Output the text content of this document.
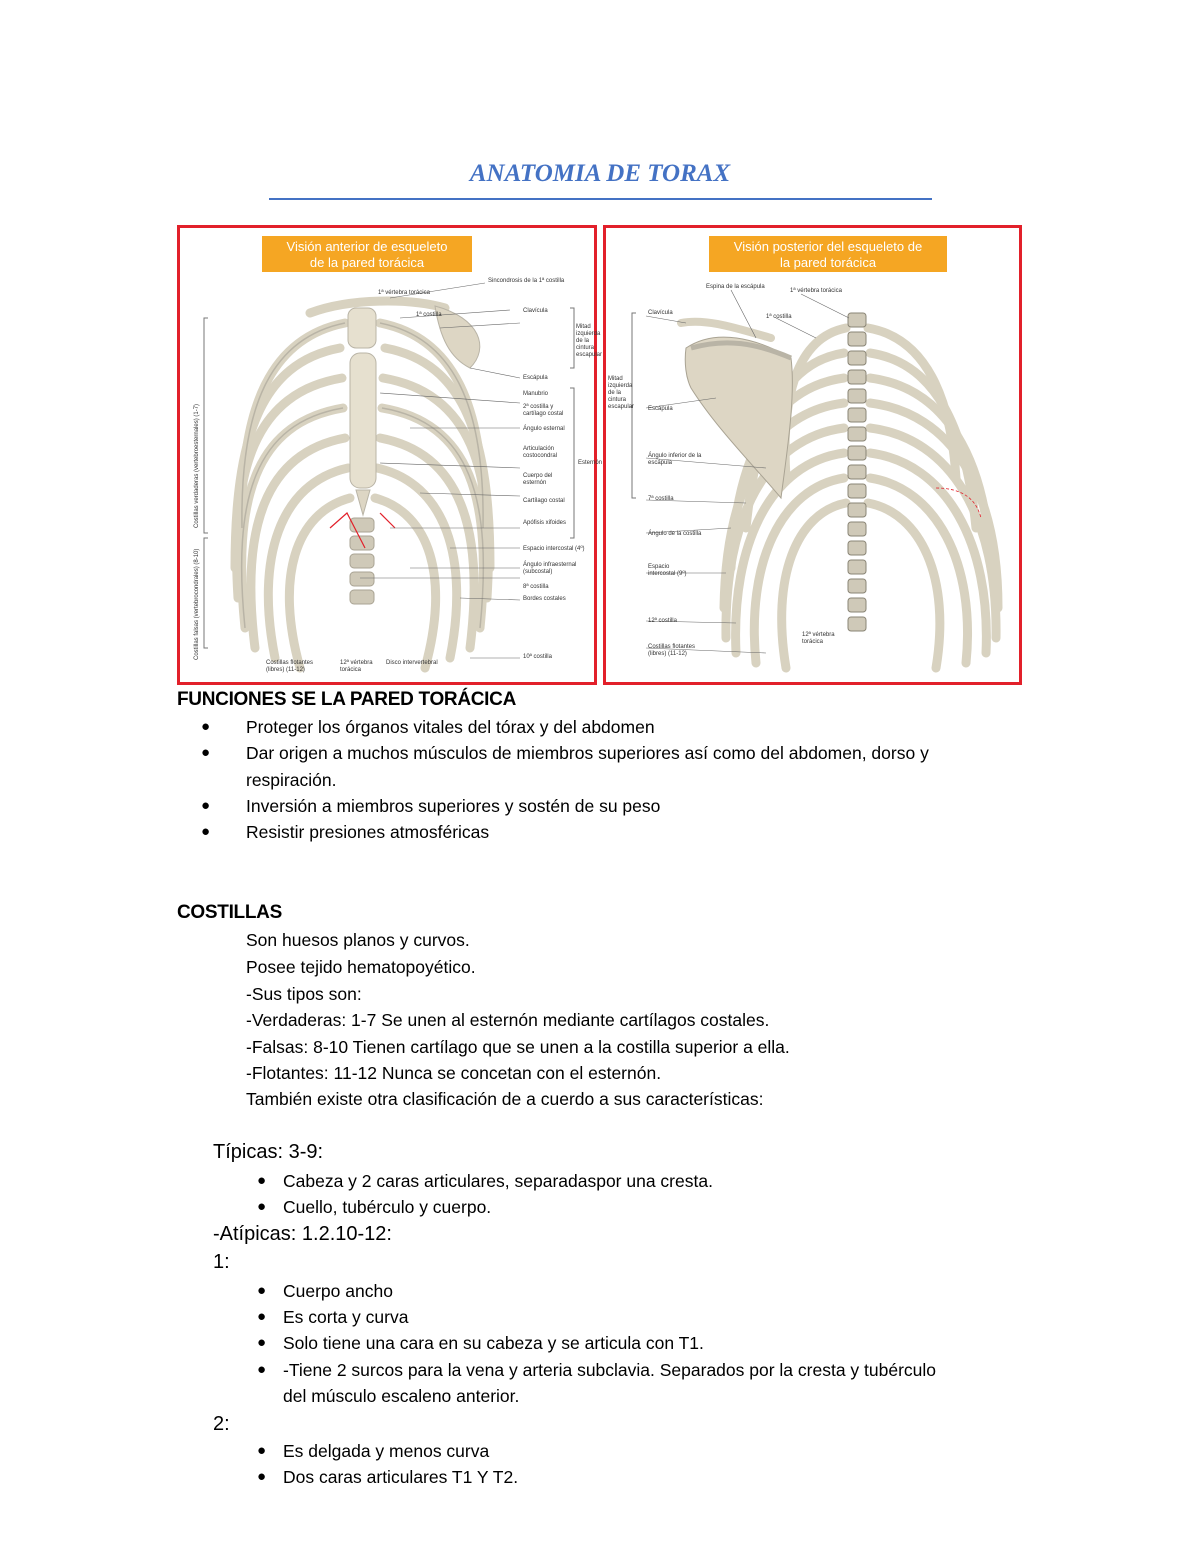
ANATOMIA DE TORAX
Visión anterior de esqueleto
de la pared torácica
1ª vértebra torácica
Sincondrosis de la 1ª costilla
1ª costilla
Clavícula
Escápula
Manubrio
2ª costilla y cartílago costal
Ángulo esternal
Articulación costocondral
Cuerpo del esternón
Cartílago costal
Apófisis xifoides
Espacio intercostal (4º)
Ángulo infraesternal (subcostal)
8ª costilla
Bordes costales
10ª costilla
Costillas flotantes (libres) (11-12)
12ª vértebra torácica
Disco intervertebral
Mitad izquierda de la cintura escapular
Esternón
Costillas verdaderas (vertebroesternales) (1-7)
Costillas falsas (vertebrocondrales) (8-10)
Visión posterior del esqueleto de
la pared torácica
Espina de la escápula
1ª vértebra torácica
Clavícula
1ª costilla
Escápula
Mitad izquierda de la cintura escapular
Ángulo inferior de la escápula
7ª costilla
Ángulo de la costilla
Espacio intercostal (9º)
12ª costilla
12ª vértebra torácica
Costillas flotantes (libres) (11-12)
FUNCIONES SE LA PARED TORÁCICA
● Proteger los órganos vitales del tórax y del abdomen
● Dar origen a muchos músculos de miembros superiores así como del abdomen, dorso y
respiración.
● Inversión a miembros superiores y sostén de su peso
● Resistir presiones atmosféricas
COSTILLAS
Son huesos planos y curvos.
Posee tejido hematopoyético.
-Sus tipos son:
-Verdaderas: 1-7 Se unen al esternón mediante cartílagos costales.
-Falsas: 8-10 Tienen cartílago que se unen a la costilla superior a ella.
-Flotantes: 11-12 Nunca se concetan con el esternón.
También existe otra clasificación de a cuerdo a sus características:
Típicas: 3-9:
● Cabeza y 2 caras articulares, separadaspor una cresta.
● Cuello, tubérculo y cuerpo.
-Atípicas: 1.2.10-12:
1:
● Cuerpo ancho
● Es corta y curva
● Solo tiene una cara en su cabeza y se articula con T1.
● -Tiene 2 surcos para la vena y arteria subclavia. Separados por la cresta y tubérculo
del músculo escaleno anterior.
2:
● Es delgada y menos curva
● Dos caras articulares T1 Y T2.
